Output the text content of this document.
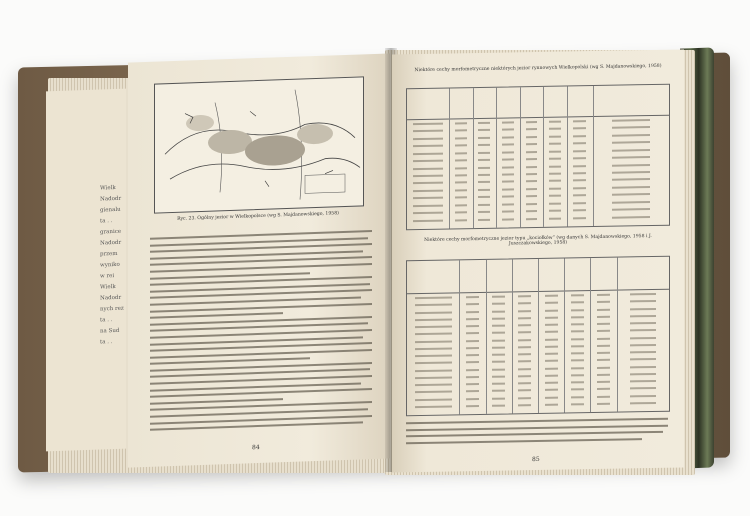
Wielk
Nadodr
gienalu
ta . .
granice
Nadodr
przem
wyniko
w rei
Wielk
Nadodr
nych rez
ta . .
na Sud
ta . .
Ryc. 23. Ogólny jezior w Wielkopolsce (wg S. Majdanowskiego, 1958)
84
Niektóre cechy morfometryczne niektórych jezior rynnowych Wielkopolski (wg S. Majdanowskiego, 1958)
Niektóre cechy morfometryczne jezior typu „kociołków” (wg danych S. Majdanowskiego, 1958 i J. Juszczakowskiego, 1958)
85
